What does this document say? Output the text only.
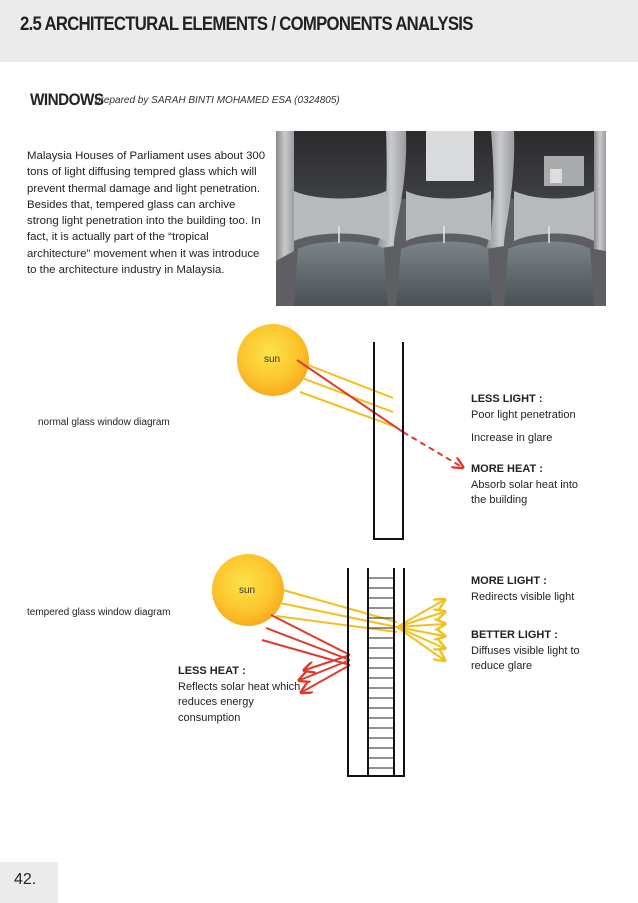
2.5 ARCHITECTURAL ELEMENTS / COMPONENTS ANALYSIS
WINDOWS
prepared by SARAH BINTI MOHAMED ESA (0324805)
Malaysia Houses of Parliament uses about 300 tons of light diffusing tempred glass which will prevent thermal damage and light penetration. Besides that, tempered glass can archive strong light penetration into the building too. In fact, it is actually part of the “tropical architecture” movement when it was introduce to the architecture industry in Malaysia.
sun
sun
normal glass window diagram
tempered glass window diagram
LESS LIGHT :
Poor light penetration
Increase in glare
MORE HEAT :
Absorb solar heat into the building
MORE LIGHT :
Redirects visible light
BETTER LIGHT :
Diffuses visible light to reduce glare
LESS HEAT :
Reflects solar heat which reduces energy consumption
42.
